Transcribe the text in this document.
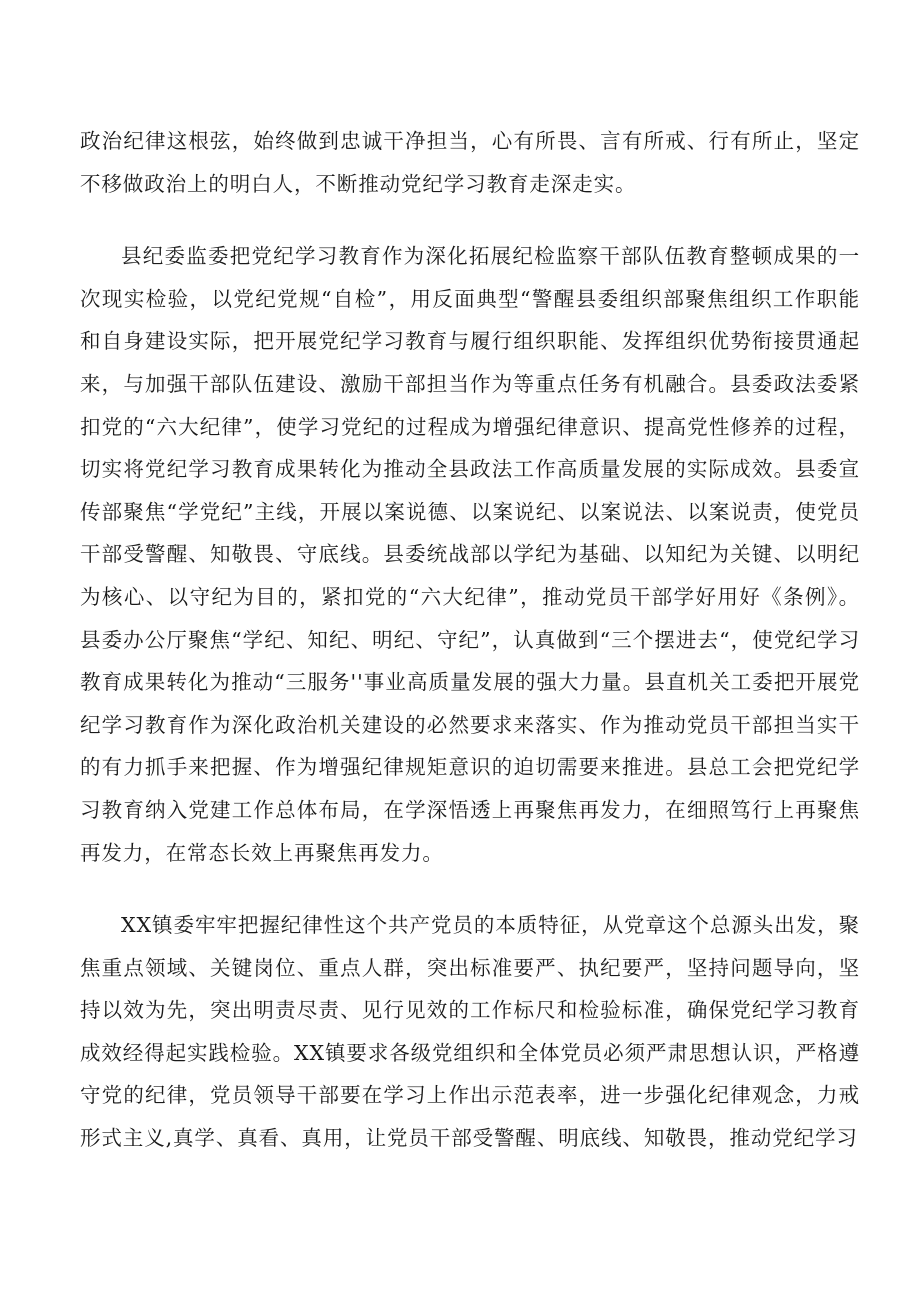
政治纪律这根弦，始终做到忠诚干净担当，心有所畏、言有所戒、行有所止，坚定不移做政治上的明白人，不断推动党纪学习教育走深走实。

县纪委监委把党纪学习教育作为深化拓展纪检监察干部队伍教育整顿成果的一次现实检验，以党纪党规“自检”，用反面典型“警醒县委组织部聚焦组织工作职能和自身建设实际，把开展党纪学习教育与履行组织职能、发挥组织优势衔接贯通起来，与加强干部队伍建设、激励干部担当作为等重点任务有机融合。县委政法委紧扣党的“六大纪律”，使学习党纪的过程成为增强纪律意识、提高党性修养的过程，切实将党纪学习教育成果转化为推动全县政法工作高质量发展的实际成效。县委宣传部聚焦“学党纪”主线，开展以案说德、以案说纪、以案说法、以案说责，使党员干部受警醒、知敬畏、守底线。县委统战部以学纪为基础、以知纪为关键、以明纪为核心、以守纪为目的，紧扣党的“六大纪律”，推动党员干部学好用好《条例》。县委办公厅聚焦“学纪、知纪、明纪、守纪”，认真做到“三个摆进去“，使党纪学习教育成果转化为推动“三服务''事业高质量发展的强大力量。县直机关工委把开展党纪学习教育作为深化政治机关建设的必然要求来落实、作为推动党员干部担当实干的有力抓手来把握、作为增强纪律规矩意识的迫切需要来推进。县总工会把党纪学习教育纳入党建工作总体布局，在学深悟透上再聚焦再发力，在细照笃行上再聚焦再发力，在常态长效上再聚焦再发力。

XX镇委牢牢把握纪律性这个共产党员的本质特征，从党章这个总源头出发，聚焦重点领域、关键岗位、重点人群，突出标准要严、执纪要严，坚持问题导向，坚持以效为先，突出明责尽责、见行见效的工作标尺和检验标准，确保党纪学习教育成效经得起实践检验。XX镇要求各级党组织和全体党员必须严肃思想认识，严格遵守党的纪律，党员领导干部要在学习上作出示范表率，进一步强化纪律观念，力戒形式主义,真学、真看、真用，让党员干部受警醒、明底线、知敬畏，推动党纪学习
